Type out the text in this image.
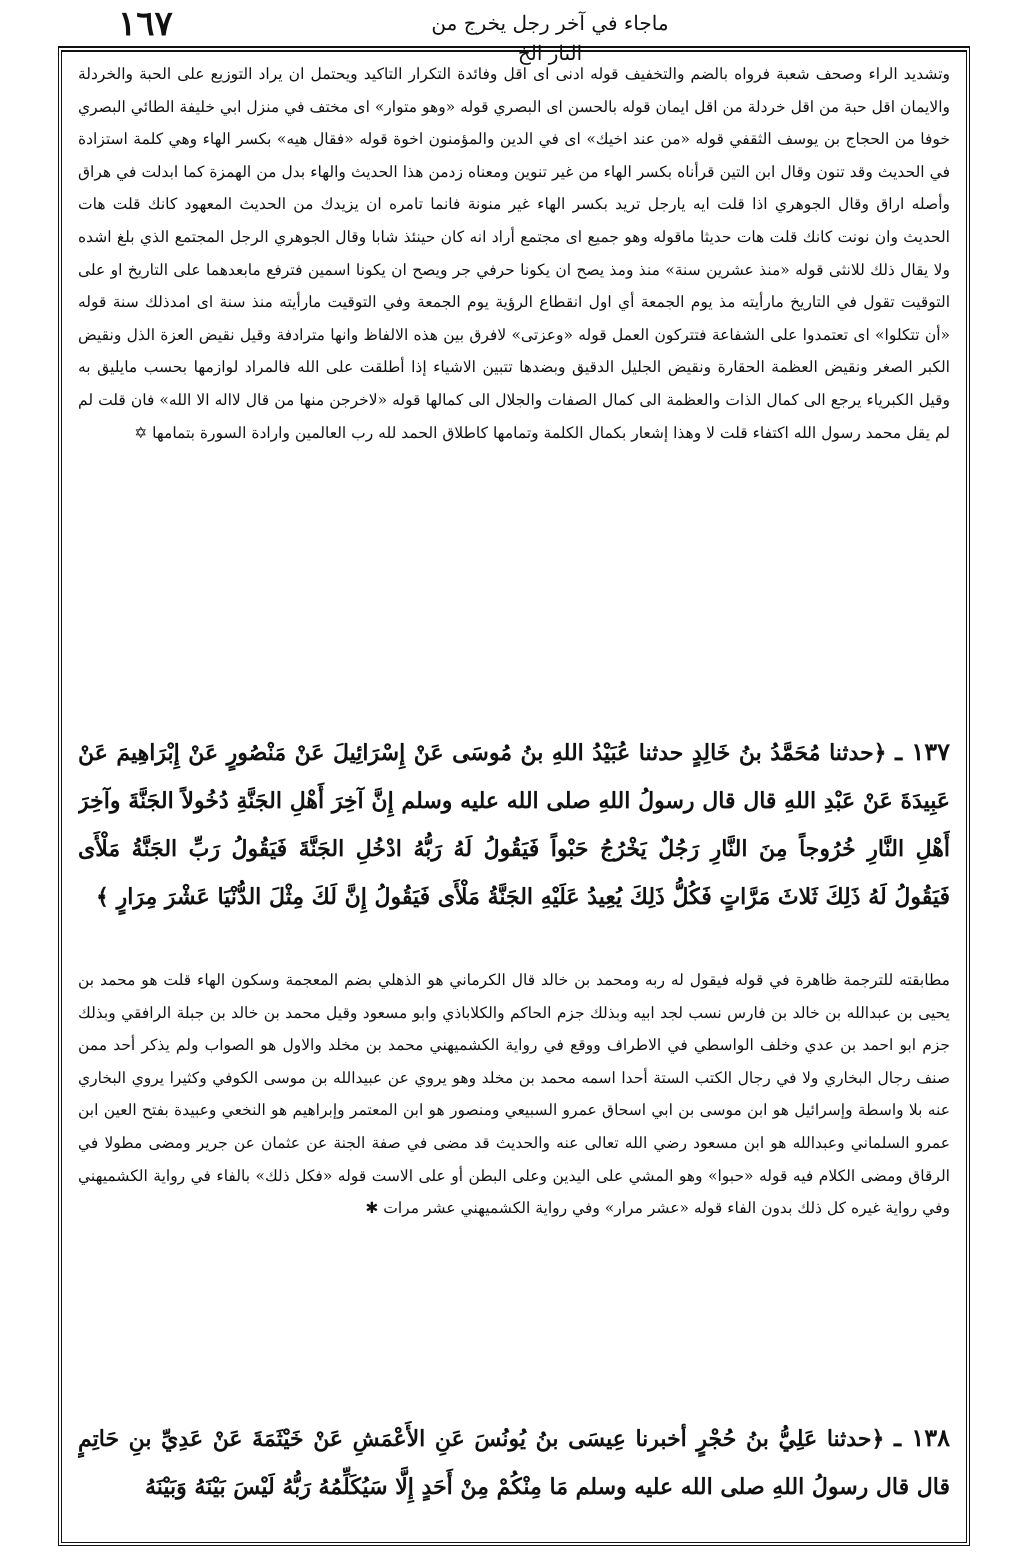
١٦٧	ماجاء في آخر رجل يخرج من النار الخ

وتشديد الراء وصحف شعبة فرواه بالضم والتخفيف قوله ادنى اى اقل وفائدة التكرار التاكيد ويحتمل ان يراد التوزيع على الحبة والخردلة والايمان اقل حبة من اقل خردلة من اقل ايمان قوله بالحسن اى البصري قوله «وهو متوار» اى مختف في منزل ابي خليفة الطائي البصري خوفا من الحجاج بن يوسف الثقفي قوله «من عند اخيك» اى في الدين والمؤمنون اخوة قوله «فقال هيه» بكسر الهاء وهي كلمة استزادة في الحديث وقد تنون وقال ابن التين قرأناه بكسر الهاء من غير تنوين ومعناه زدمن هذا الحديث والهاء بدل من الهمزة كما ابدلت في هراق وأصله اراق وقال الجوهري اذا قلت ايه يارجل تريد بكسر الهاء غير منونة فانما تامره ان يزيدك من الحديث المعهود كانك قلت هات الحديث وان نونت كانك قلت هات حديثا ماقوله وهو جميع اى مجتمع أراد انه كان حينئذ شابا وقال الجوهري الرجل المجتمع الذي بلغ اشده ولا يقال ذلك للانثى قوله «منذ عشرين سنة» منذ ومذ يصح ان يكونا حرفي جر ويصح ان يكونا اسمين فترفع مابعدهما على التاريخ او على التوقيت تقول في التاريخ مارأيته مذ يوم الجمعة أي اول انقطاع الرؤية يوم الجمعة وفي التوقيت مارأيته منذ سنة اى امدذلك سنة قوله «أن تتكلوا» اى تعتمدوا على الشفاعة فتتركون العمل قوله «وعزتى» لافرق بين هذه الالفاظ وانها مترادفة وقيل نقيض العزة الذل ونقيض الكبر الصغر ونقيض العظمة الحقارة ونقيض الجليل الدقيق وبضدها تتبين الاشياء إذا أطلقت على الله فالمراد لوازمها بحسب مايليق به وقيل الكبرياء يرجع الى كمال الذات والعظمة الى كمال الصفات والجلال الى كمالها قوله «لاخرجن منها من قال لااله الا الله» فان قلت لم لم يقل محمد رسول الله اكتفاء قلت لا وهذا إشعار بكمال الكلمة وتمامها كاطلاق الحمد لله رب العالمين وارادة السورة بتمامها ✡

١٣٧ ـ ﴿حدثنا مُحَمَّدُ بنُ خَالِدٍ حدثنا عُبَيْدُ اللهِ بنُ مُوسَى عَنْ إِسْرَائِيلَ عَنْ مَنْصُورٍ عَنْ إِبْرَاهِيمَ عَنْ عَبِيدَةَ عَنْ عَبْدِ اللهِ قال قال رسولُ اللهِ صلى الله عليه وسلم إِنَّ آخِرَ أَهْلِ الجَنَّةِ دُخُولاً الجَنَّةَ وآخِرَ أَهْلِ النَّارِ خُرُوجاً مِنَ النَّارِ رَجُلٌ يَخْرُجُ حَبْواً فَيَقُولُ لَهُ رَبُّهُ ادْخُلِ الجَنَّةَ فَيَقُولُ رَبِّ الجَنَّةُ مَلْأَى فَيَقُولُ لَهُ ذَلِكَ ثَلاثَ مَرَّاتٍ فَكُلُّ ذَلِكَ يُعِيدُ عَلَيْهِ الجَنَّةُ مَلْأَى فَيَقُولُ إِنَّ لَكَ مِثْلَ الدُّنْيَا عَشْرَ مِرَارٍ ﴾

مطابقته للترجمة ظاهرة في قوله فيقول له ربه ومحمد بن خالد قال الكرماني هو الذهلي بضم المعجمة وسكون الهاء قلت هو محمد بن يحيى بن عبدالله بن خالد بن فارس نسب لجد ابيه وبذلك جزم الحاكم والكلاباذي وابو مسعود وقيل محمد بن خالد بن جبلة الرافقي وبذلك جزم ابو احمد بن عدي وخلف الواسطي في الاطراف ووقع في رواية الكشميهني محمد بن مخلد والاول هو الصواب ولم يذكر أحد ممن صنف رجال البخاري ولا في رجال الكتب الستة أحدا اسمه محمد بن مخلد وهو يروي عن عبيدالله بن موسى الكوفي وكثيرا يروي البخاري عنه بلا واسطة وإسرائيل هو ابن موسى بن ابي اسحاق عمرو السبيعي ومنصور هو ابن المعتمر وإبراهيم هو النخعي وعبيدة بفتح العين ابن عمرو السلماني وعبدالله هو ابن مسعود رضي الله تعالى عنه والحديث قد مضى في صفة الجنة عن عثمان عن جرير ومضى مطولا في الرقاق ومضى الكلام فيه قوله «حبوا» وهو المشي على اليدين وعلى البطن أو على الاست قوله «فكل ذلك» بالفاء في رواية الكشميهني وفي رواية غيره كل ذلك بدون الفاء قوله «عشر مرار» وفي رواية الكشميهني عشر مرات ✱

١٣٨ ـ ﴿حدثنا عَلِيُّ بنُ حُجْرٍ أخبرنا عِيسَى بنُ يُونُسَ عَنِ الأَعْمَشِ عَنْ خَيْثَمَةَ عَنْ عَدِيِّ بنِ حَاتِمٍ قال قال رسولُ اللهِ صلى الله عليه وسلم مَا مِنْكُمْ مِنْ أَحَدٍ إِلَّا سَيُكَلِّمُهُ رَبُّهُ لَيْسَ بَيْنَهُ وَبَيْنَهُ
